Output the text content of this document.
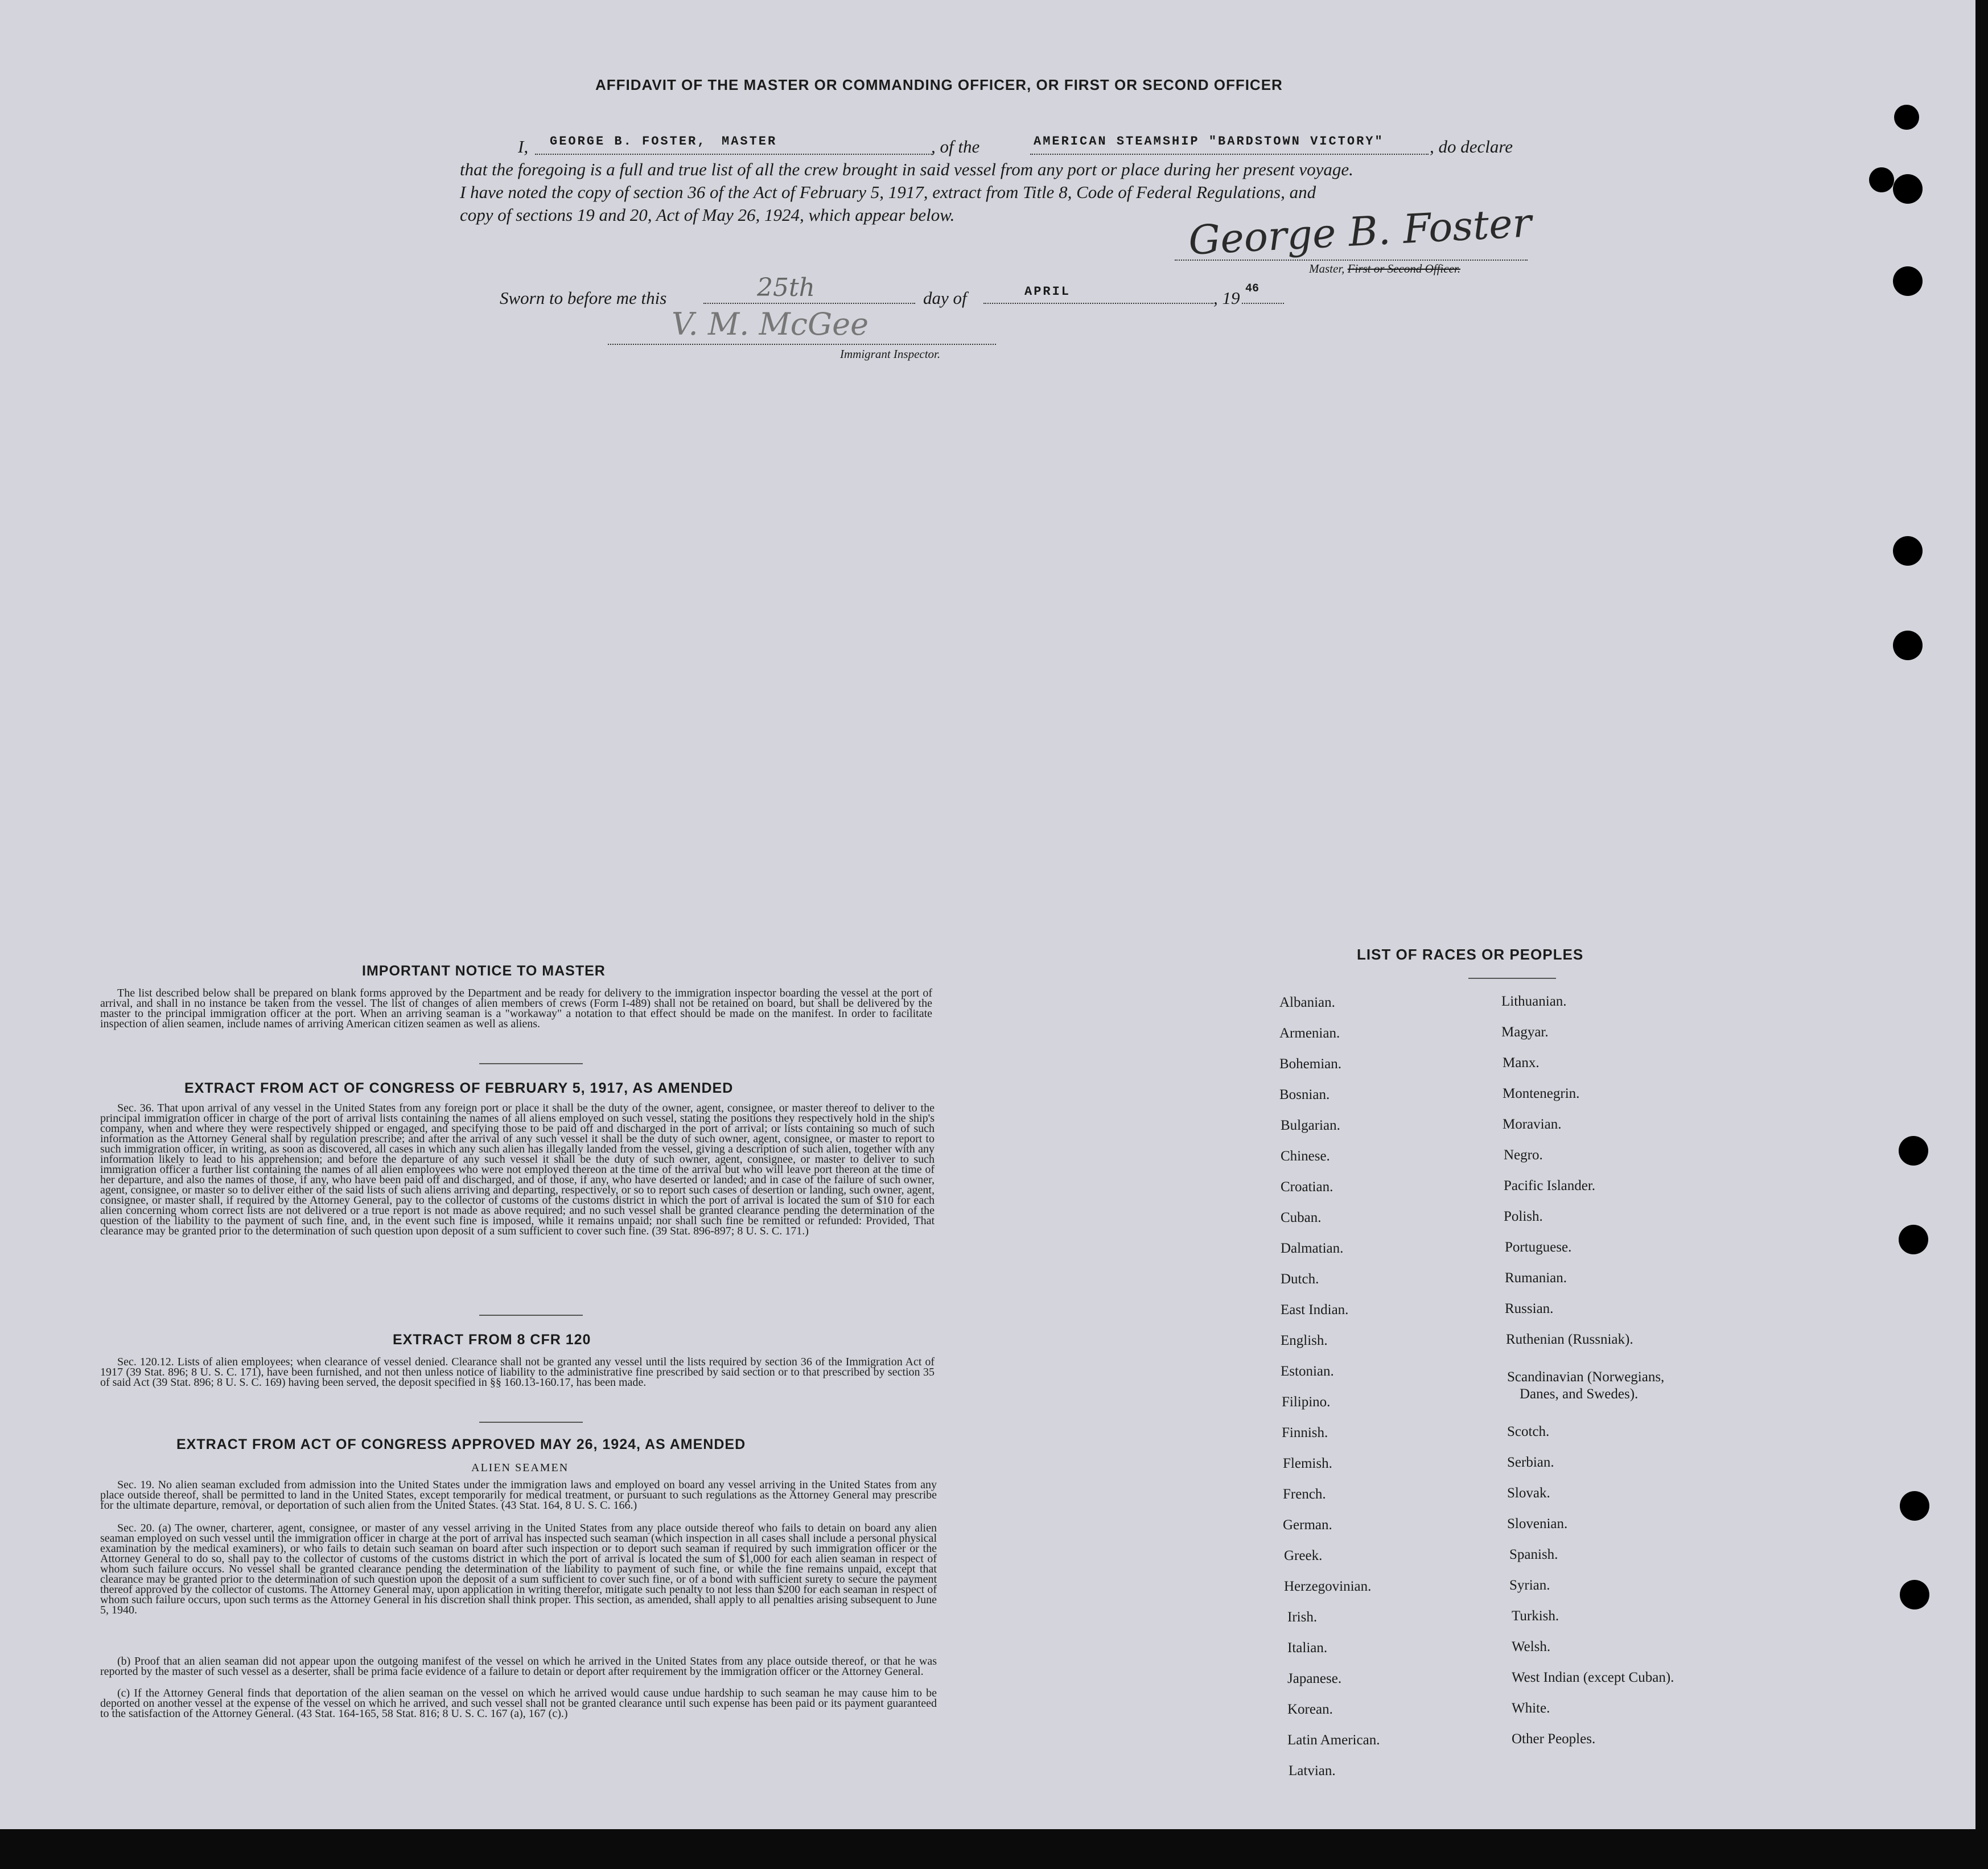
AFFIDAVIT OF THE MASTER OR COMMANDING OFFICER, OR FIRST OR SECOND OFFICER
I, GEORGE B. FOSTER, MASTER	, of the	AMERICAN STEAMSHIP "BARDSTOWN VICTORY"	, do declare
that the foregoing is a full and true list of all the crew brought in said vessel from any port or place during her present voyage.
I have noted the copy of section 36 of the Act of February 5, 1917, extract from Title 8, Code of Federal Regulations, and
copy of sections 19 and 20, Act of May 26, 1924, which appear below.	George B. Foster
Master, First or Second Officer.
Sworn to before me this	25th	day of	APRIL	, 19 46
V. M. McGee
Immigrant Inspector.
IMPORTANT NOTICE TO MASTER
The list described below shall be prepared on blank forms approved by the Department and be ready for delivery to the immigration inspector boarding the vessel at the port of arrival, and shall in no instance be taken from the vessel. The list of changes of alien members of crews (Form I-489) shall not be retained on board, but shall be delivered by the master to the principal immigration officer at the port. When an arriving seaman is a "workaway" a notation to that effect should be made on the manifest. In order to facilitate inspection of alien seamen, include names of arriving American citizen seamen as well as aliens.
EXTRACT FROM ACT OF CONGRESS OF FEBRUARY 5, 1917, AS AMENDED
Sec. 36. That upon arrival of any vessel in the United States from any foreign port or place it shall be the duty of the owner, agent, consignee, or master thereof to deliver to the principal immigration officer in charge of the port of arrival lists containing the names of all aliens employed on such vessel, stating the positions they respectively hold in the ship's company, when and where they were respectively shipped or engaged, and specifying those to be paid off and discharged in the port of arrival; or lists containing so much of such information as the Attorney General shall by regulation prescribe; and after the arrival of any such vessel it shall be the duty of such owner, agent, consignee, or master to report to such immigration officer, in writing, as soon as discovered, all cases in which any such alien has illegally landed from the vessel, giving a description of such alien, together with any information likely to lead to his apprehension; and before the departure of any such vessel it shall be the duty of such owner, agent, consignee, or master to deliver to such immigration officer a further list containing the names of all alien employees who were not employed thereon at the time of the arrival but who will leave port thereon at the time of her departure, and also the names of those, if any, who have been paid off and discharged, and of those, if any, who have deserted or landed; and in case of the failure of such owner, agent, consignee, or master so to deliver either of the said lists of such aliens arriving and departing, respectively, or so to report such cases of desertion or landing, such owner, agent, consignee, or master shall, if required by the Attorney General, pay to the collector of customs of the customs district in which the port of arrival is located the sum of $10 for each alien concerning whom correct lists are not delivered or a true report is not made as above required; and no such vessel shall be granted clearance pending the determination of the question of the liability to the payment of such fine, and, in the event such fine is imposed, while it remains unpaid; nor shall such fine be remitted or refunded: Provided, That clearance may be granted prior to the determination of such question upon deposit of a sum sufficient to cover such fine. (39 Stat. 896-897; 8 U. S. C. 171.)
EXTRACT FROM 8 CFR 120
Sec. 120.12. Lists of alien employees; when clearance of vessel denied. Clearance shall not be granted any vessel until the lists required by section 36 of the Immigration Act of 1917 (39 Stat. 896; 8 U. S. C. 171), have been furnished, and not then unless notice of liability to the administrative fine prescribed by said section or to that prescribed by section 35 of said Act (39 Stat. 896; 8 U. S. C. 169) having been served, the deposit specified in §§ 160.13-160.17, has been made.
EXTRACT FROM ACT OF CONGRESS APPROVED MAY 26, 1924, AS AMENDED
ALIEN SEAMEN
Sec. 19. No alien seaman excluded from admission into the United States under the immigration laws and employed on board any vessel arriving in the United States from any place outside thereof, shall be permitted to land in the United States, except temporarily for medical treatment, or pursuant to such regulations as the Attorney General may prescribe for the ultimate departure, removal, or deportation of such alien from the United States. (43 Stat. 164, 8 U. S. C. 166.)
Sec. 20. (a) The owner, charterer, agent, consignee, or master of any vessel arriving in the United States from any place outside thereof who fails to detain on board any alien seaman employed on such vessel until the immigration officer in charge at the port of arrival has inspected such seaman (which inspection in all cases shall include a personal physical examination by the medical examiners), or who fails to detain such seaman on board after such inspection or to deport such seaman if required by such immigration officer or the Attorney General to do so, shall pay to the collector of customs of the customs district in which the port of arrival is located the sum of $1,000 for each alien seaman in respect of whom such failure occurs. No vessel shall be granted clearance pending the determination of the liability to payment of such fine, or while the fine remains unpaid, except that clearance may be granted prior to the determination of such question upon the deposit of a sum sufficient to cover such fine, or of a bond with sufficient surety to secure the payment thereof approved by the collector of customs. The Attorney General may, upon application in writing therefor, mitigate such penalty to not less than $200 for each seaman in respect of whom such failure occurs, upon such terms as the Attorney General in his discretion shall think proper. This section, as amended, shall apply to all penalties arising subsequent to June 5, 1940.
(b) Proof that an alien seaman did not appear upon the outgoing manifest of the vessel on which he arrived in the United States from any place outside thereof, or that he was reported by the master of such vessel as a deserter, shall be prima facie evidence of a failure to detain or deport after requirement by the immigration officer or the Attorney General.
(c) If the Attorney General finds that deportation of the alien seaman on the vessel on which he arrived would cause undue hardship to such seaman he may cause him to be deported on another vessel at the expense of the vessel on which he arrived, and such vessel shall not be granted clearance until such expense has been paid or its payment guaranteed to the satisfaction of the Attorney General. (43 Stat. 164-165, 58 Stat. 816; 8 U. S. C. 167 (a), 167 (c).)
LIST OF RACES OR PEOPLES
Albanian.
Armenian.
Bohemian.
Bosnian.
Bulgarian.
Chinese.
Croatian.
Cuban.
Dalmatian.
Dutch.
East Indian.
English.
Estonian.
Filipino.
Finnish.
Flemish.
French.
German.
Greek.
Herzegovinian.
Irish.
Italian.
Japanese.
Korean.
Latin American.
Latvian.
Lithuanian.
Magyar.
Manx.
Montenegrin.
Moravian.
Negro.
Pacific Islander.
Polish.
Portuguese.
Rumanian.
Russian.
Ruthenian (Russniak).
Scandinavian (Norwegians,
Danes, and Swedes).
Scotch.
Serbian.
Slovak.
Slovenian.
Spanish.
Syrian.
Turkish.
Welsh.
West Indian (except Cuban).
White.
Other Peoples.
